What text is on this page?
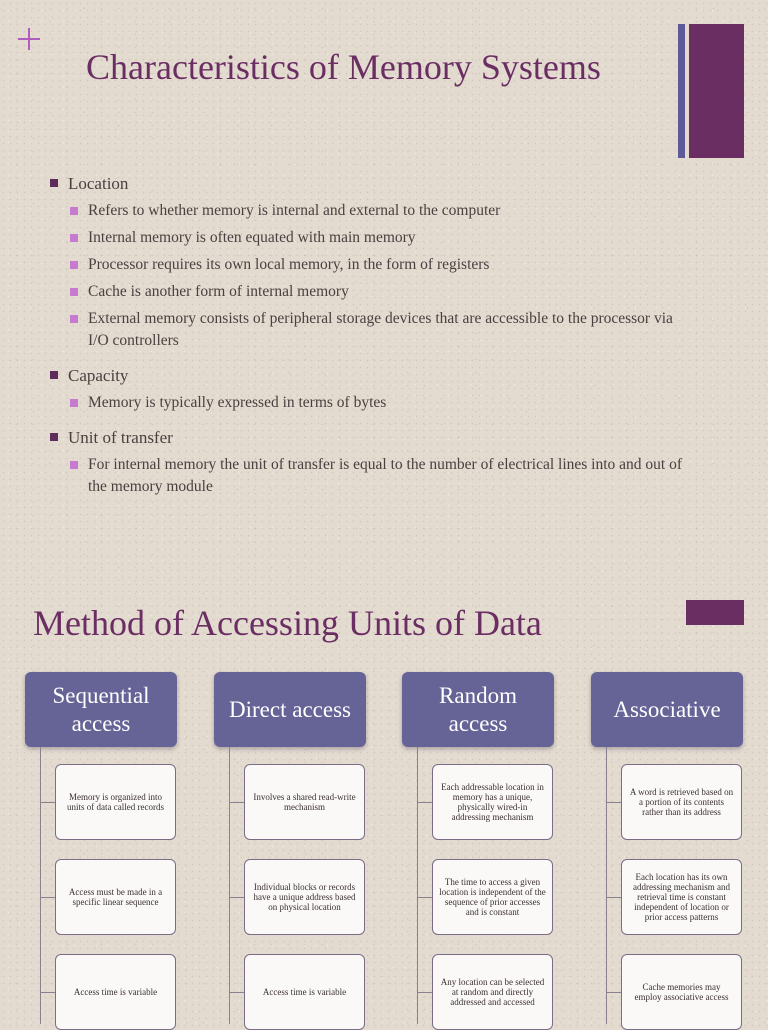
Characteristics of Memory Systems
Location
Refers to whether memory is internal and external to the computer
Internal memory is often equated with main memory
Processor requires its own local memory, in the form of registers
Cache is another form of internal memory
External memory consists of peripheral storage devices that are accessible to the processor via I/O controllers
Capacity
Memory is typically expressed in terms of bytes
Unit of transfer
For internal memory the unit of transfer is equal to the number of electrical lines into and out of the memory module
Method of Accessing Units of Data
Sequential access
Memory is organized into units of data called records
Access must be made in a specific linear sequence
Access time is variable
Direct access
Involves a shared read-write mechanism
Individual blocks or records have a unique address based on physical location
Access time is variable
Random access
Each addressable location in memory has a unique, physically wired-in addressing mechanism
The time to access a given location is independent of the sequence of prior accesses and is constant
Any location can be selected at random and directly addressed and accessed
Associative
A word is retrieved based on a portion of its contents rather than its address
Each location has its own addressing mechanism and retrieval time is constant independent of location or prior access patterns
Cache memories may employ associative access
